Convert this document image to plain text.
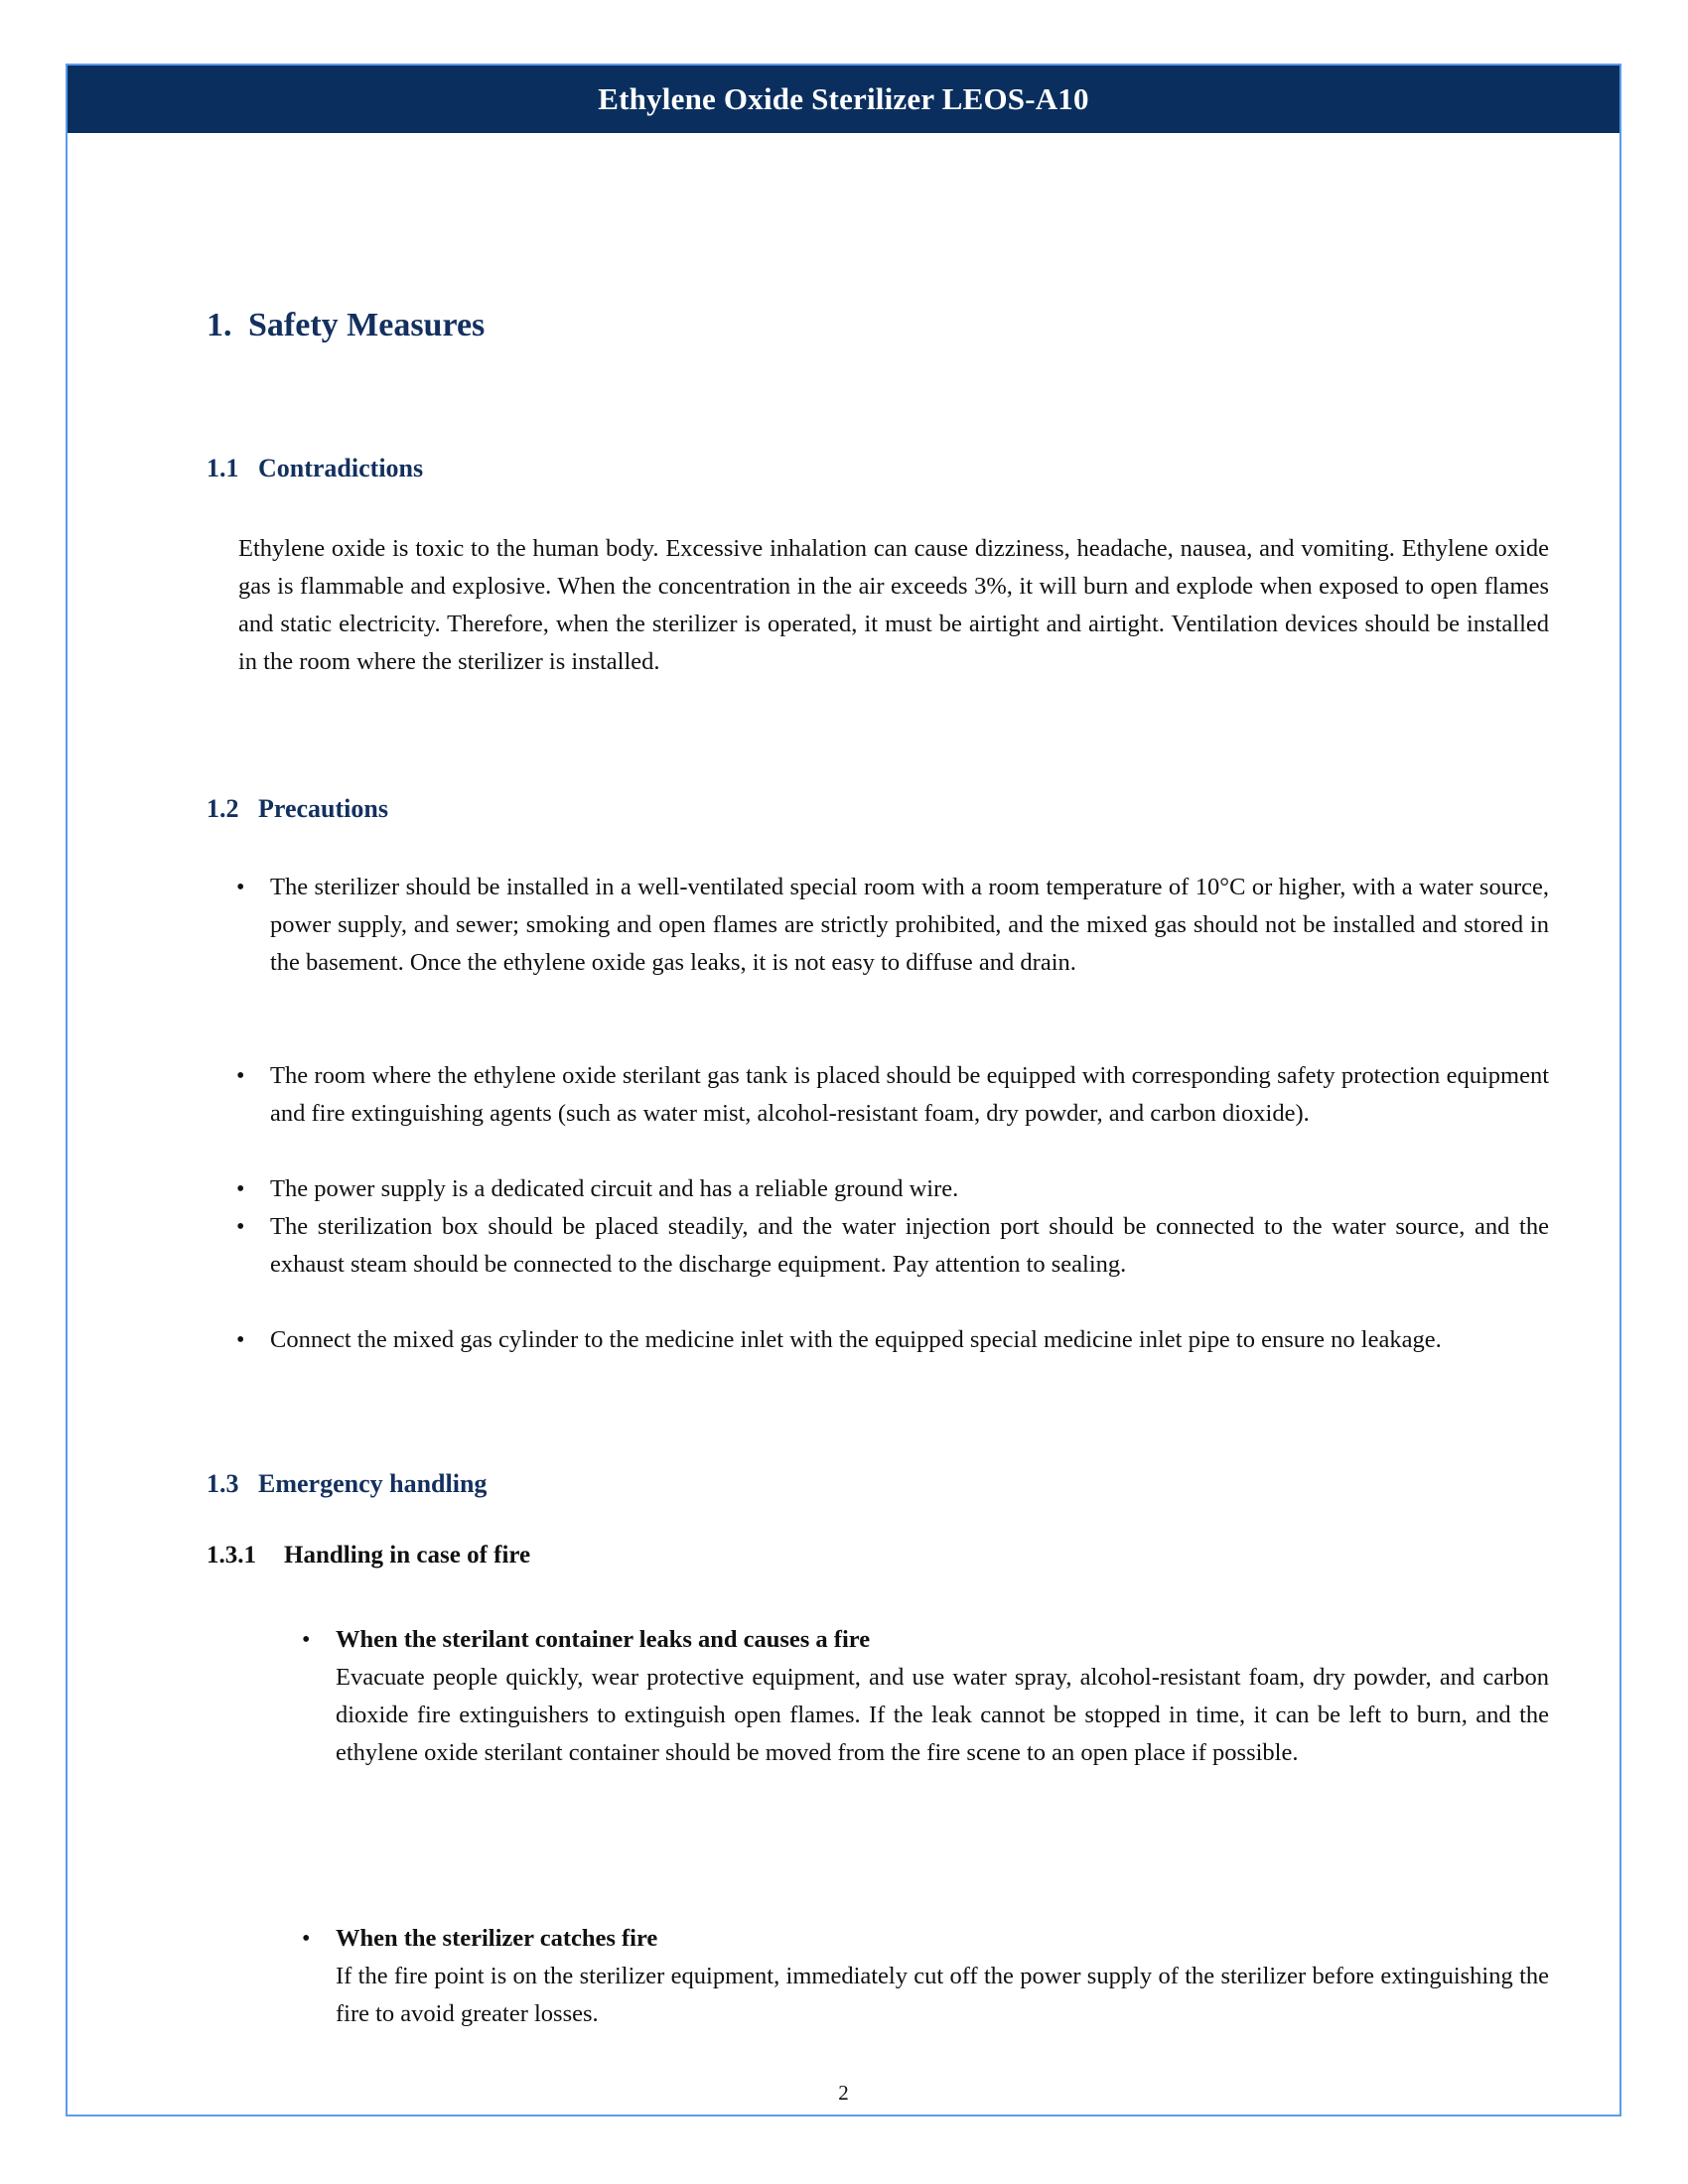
Ethylene Oxide Sterilizer LEOS-A10
1. Safety Measures
1.1 Contradictions
Ethylene oxide is toxic to the human body. Excessive inhalation can cause dizziness, headache, nausea, and vomiting. Ethylene oxide gas is flammable and explosive. When the concentration in the air exceeds 3%, it will burn and explode when exposed to open flames and static electricity. Therefore, when the sterilizer is operated, it must be airtight and airtight. Ventilation devices should be installed in the room where the sterilizer is installed.
1.2 Precautions
•
The sterilizer should be installed in a well-ventilated special room with a room temperature of 10°C or higher, with a water source, power supply, and sewer; smoking and open flames are strictly prohibited, and the mixed gas should not be installed and stored in the basement. Once the ethylene oxide gas leaks, it is not easy to diffuse and drain.
•
The room where the ethylene oxide sterilant gas tank is placed should be equipped with corresponding safety protection equipment and fire extinguishing agents (such as water mist, alcohol-resistant foam, dry powder, and carbon dioxide).
•
The power supply is a dedicated circuit and has a reliable ground wire.
•
The sterilization box should be placed steadily, and the water injection port should be connected to the water source, and the exhaust steam should be connected to the discharge equipment. Pay attention to sealing.
•
Connect the mixed gas cylinder to the medicine inlet with the equipped special medicine inlet pipe to ensure no leakage.
1.3 Emergency handling
1.3.1 Handling in case of fire
•
When the sterilant container leaks and causes a fire
Evacuate people quickly, wear protective equipment, and use water spray, alcohol-resistant foam, dry powder, and carbon dioxide fire extinguishers to extinguish open flames. If the leak cannot be stopped in time, it can be left to burn, and the ethylene oxide sterilant container should be moved from the fire scene to an open place if possible.
•
When the sterilizer catches fire
If the fire point is on the sterilizer equipment, immediately cut off the power supply of the sterilizer before extinguishing the fire to avoid greater losses.
2
